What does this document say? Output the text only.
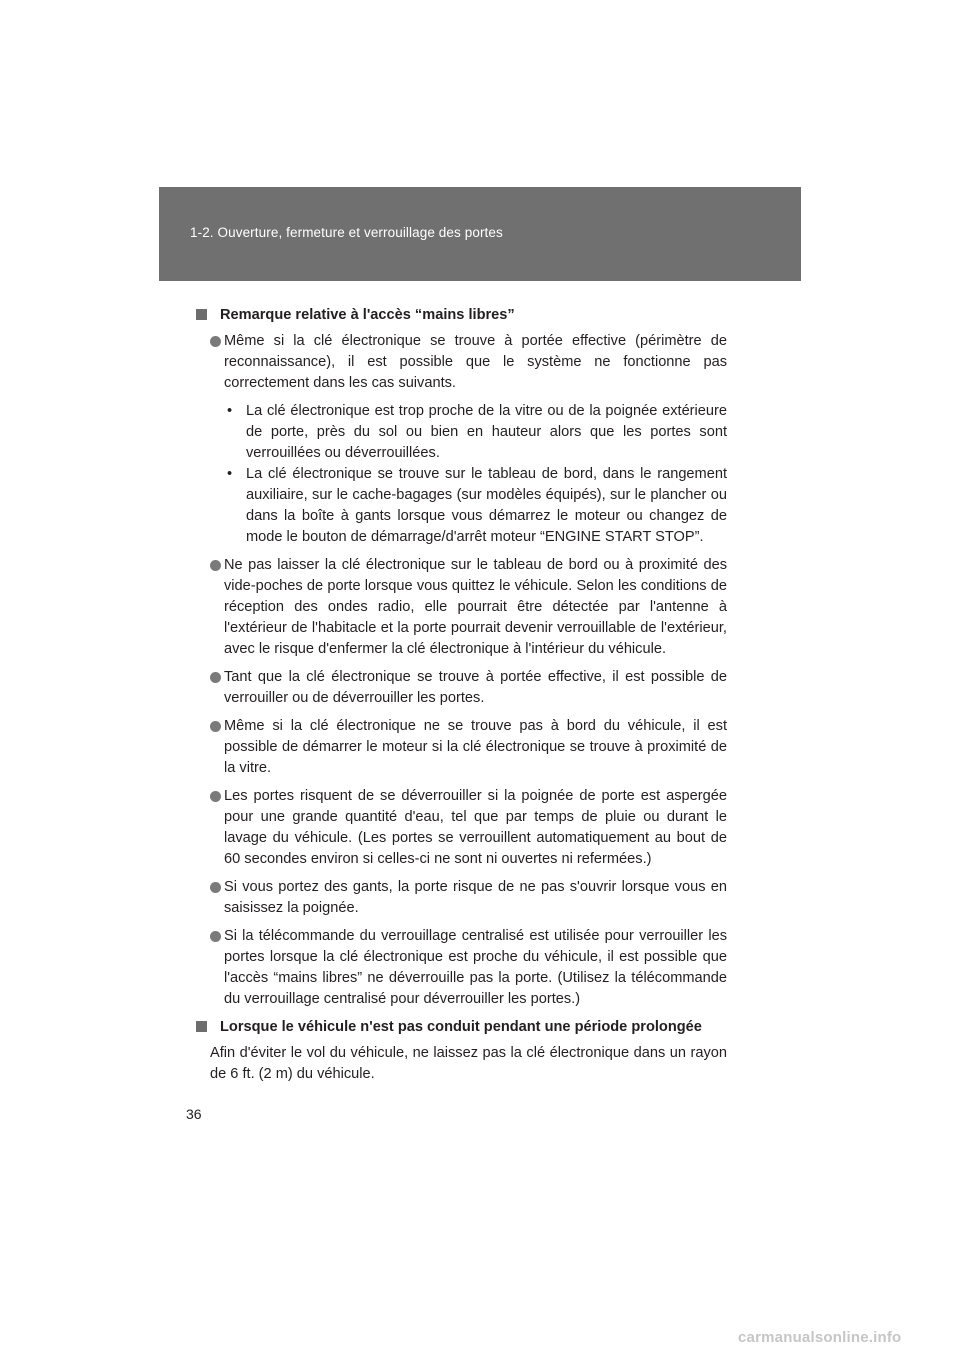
1-2. Ouverture, fermeture et verrouillage des portes
Remarque relative à l'accès “mains libres”
Même si la clé électronique se trouve à portée effective (périmètre de reconnaissance), il est possible que le système ne fonctionne pas correctement dans les cas suivants.
• La clé électronique est trop proche de la vitre ou de la poignée extérieure de porte, près du sol ou bien en hauteur alors que les portes sont verrouillées ou déverrouillées.
• La clé électronique se trouve sur le tableau de bord, dans le rangement auxiliaire, sur le cache-bagages (sur modèles équipés), sur le plancher ou dans la boîte à gants lorsque vous démarrez le moteur ou changez de mode le bouton de démarrage/d'arrêt moteur “ENGINE START STOP”.
Ne pas laisser la clé électronique sur le tableau de bord ou à proximité des vide-poches de porte lorsque vous quittez le véhicule. Selon les conditions de réception des ondes radio, elle pourrait être détectée par l'antenne à l'extérieur de l'habitacle et la porte pourrait devenir verrouillable de l'extérieur, avec le risque d'enfermer la clé électronique à l'intérieur du véhicule.
Tant que la clé électronique se trouve à portée effective, il est possible de verrouiller ou de déverrouiller les portes.
Même si la clé électronique ne se trouve pas à bord du véhicule, il est possible de démarrer le moteur si la clé électronique se trouve à proximité de la vitre.
Les portes risquent de se déverrouiller si la poignée de porte est aspergée pour une grande quantité d'eau, tel que par temps de pluie ou durant le lavage du véhicule. (Les portes se verrouillent automatiquement au bout de 60 secondes environ si celles-ci ne sont ni ouvertes ni refermées.)
Si vous portez des gants, la porte risque de ne pas s'ouvrir lorsque vous en saisissez la poignée.
Si la télécommande du verrouillage centralisé est utilisée pour verrouiller les portes lorsque la clé électronique est proche du véhicule, il est possible que l'accès “mains libres” ne déverrouille pas la porte. (Utilisez la télécommande du verrouillage centralisé pour déverrouiller les portes.)
Lorsque le véhicule n'est pas conduit pendant une période prolongée
Afin d'éviter le vol du véhicule, ne laissez pas la clé électronique dans un rayon de 6 ft. (2 m) du véhicule.
36
carmanualsonline.info
